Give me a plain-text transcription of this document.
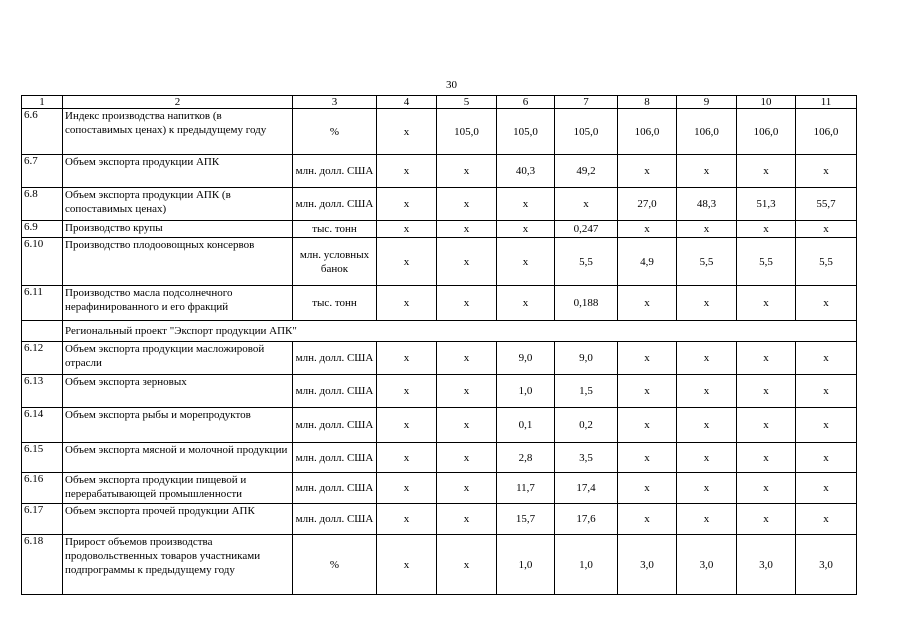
30
1	2	3	4	5	6	7	8	9	10	11
6.6	Индекс производства напитков (в сопоставимых ценах) к предыдущему году	%	х	105,0	105,0	105,0	106,0	106,0	106,0	106,0
6.7	Объем экспорта продукции АПК	млн. долл. США	х	х	40,3	49,2	х	х	х	х
6.8	Объем экспорта продукции АПК (в сопоставимых ценах)	млн. долл. США	х	х	х	х	27,0	48,3	51,3	55,7
6.9	Производство крупы	тыс. тонн	х	х	х	0,247	х	х	х	х
6.10	Производство плодоовощных консервов	млн. условных банок	х	х	х	5,5	4,9	5,5	5,5	5,5
6.11	Производство масла подсолнечного нерафинированного и его фракций	тыс. тонн	х	х	х	0,188	х	х	х	х
	Региональный проект "Экспорт продукции АПК"									
6.12	Объем экспорта продукции масложировой отрасли	млн. долл. США	х	х	9,0	9,0	х	х	х	х
6.13	Объем экспорта зерновых	млн. долл. США	х	х	1,0	1,5	х	х	х	х
6.14	Объем экспорта рыбы и морепродуктов	млн. долл. США	х	х	0,1	0,2	х	х	х	х
6.15	Объем экспорта мясной и молочной продукции	млн. долл. США	х	х	2,8	3,5	х	х	х	х
6.16	Объем экспорта продукции пищевой и перерабатывающей промышленности	млн. долл. США	х	х	11,7	17,4	х	х	х	х
6.17	Объем экспорта прочей продукции АПК	млн. долл. США	х	х	15,7	17,6	х	х	х	х
6.18	Прирост объемов производства продовольственных товаров участниками подпрограммы к предыдущему году	%	х	х	1,0	1,0	3,0	3,0	3,0	3,0
